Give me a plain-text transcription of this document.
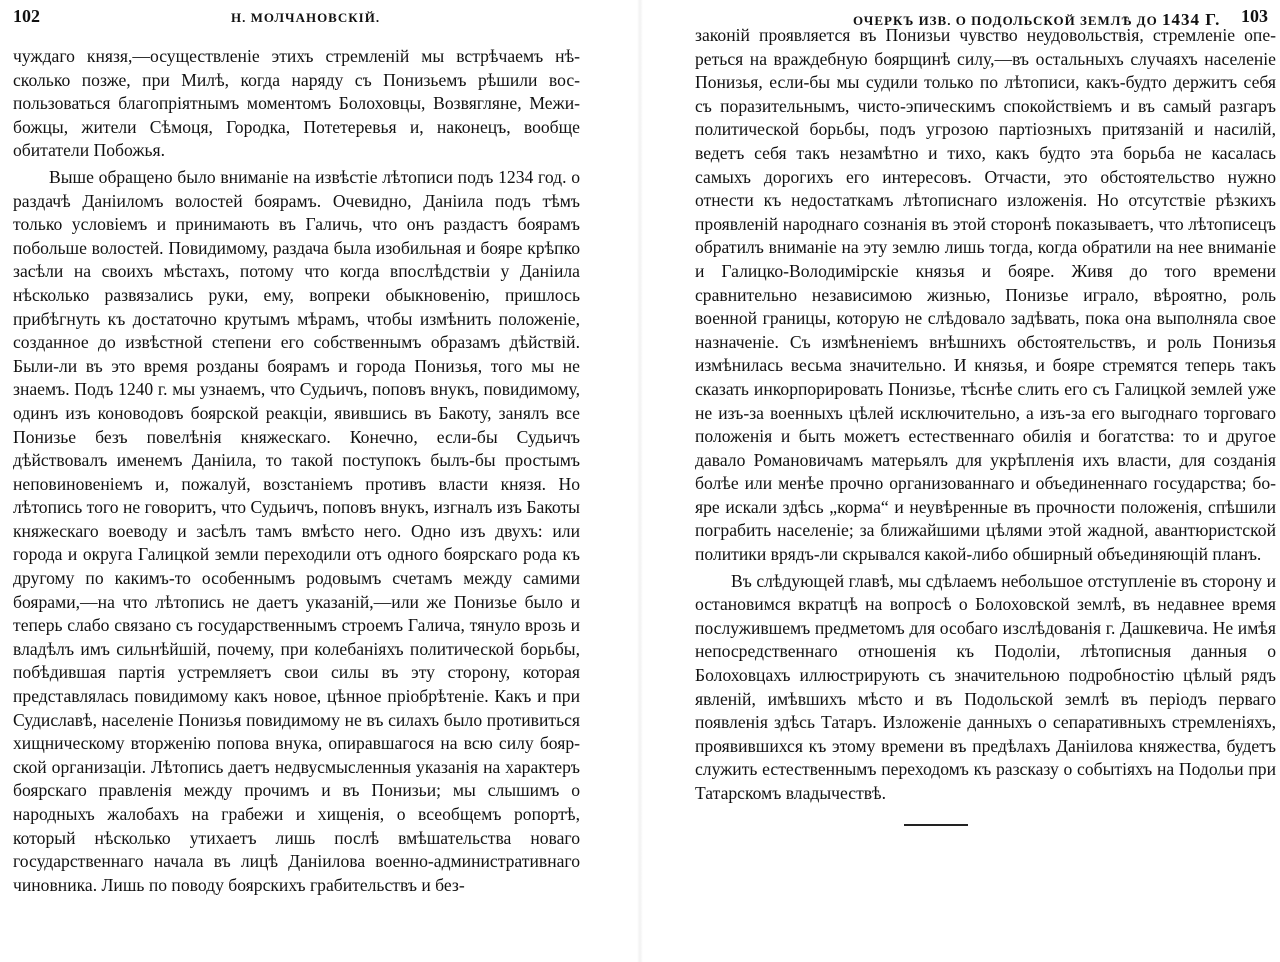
102	Н. МОЛЧАНОВСКІЙ.

чуждаго князя,—осуществленіе этихъ стремленій мы встрѣчаемъ нѣсколько позже, при Милѣ, когда наряду съ Понизьемъ рѣшили воспользоваться благопріятнымъ моментомъ Болоховцы, Возвягляне, Межибожцы, жители Сѣмоця, Городка, Потетеревья и, наконецъ, вообще обитатели Побожья.

Выше обращено было вниманіе на извѣстіе лѣтописи подъ 1234 год. о раздачѣ Даніиломъ волостей боярамъ. Очевидно, Даніила подъ тѣмъ только условіемъ и принимають въ Галичь, что онъ раздастъ боярамъ побольше волостей. Повидимому, раздача была изобильная и бояре крѣпко засѣли на своихъ мѣстахъ, потому что когда впослѣдствіи у Даніила нѣсколько развязались руки, ему, вопреки обыкновенію, пришлось прибѣгнуть къ достаточно крутымъ мѣрамъ, чтобы измѣнить положеніе, созданное до извѣстной степени его собственнымъ образамъ дѣйствій. Были-ли въ это время розданы боярамъ и города Понизья, того мы не знаемъ. Подъ 1240 г. мы узнаемъ, что Судьичъ, поповъ внукъ, повидимому, одинъ изъ коноводовъ боярской реакціи, явившись въ Бакоту, занялъ все Понизье безъ повелѣнія княжескаго. Конечно, если-бы Судьичъ дѣйствовалъ именемъ Даніила, то такой поступокъ былъ-бы простымъ неповиновеніемъ и, пожалуй, возстаніемъ противъ власти князя. Но лѣтопись того не говоритъ, что Судьичъ, поповъ внукъ, изгналъ изъ Бакоты княжескаго воеводу и засѣлъ тамъ вмѣсто него. Одно изъ двухъ: или города и округа Галицкой земли переходили отъ одного боярскаго рода къ другому по какимъ-то особеннымъ родовымъ счетамъ между самими боярами,—на что лѣтопись не даетъ указаній,—или же Понизье было и теперь слабо связано съ государственнымъ строемъ Галича, тянуло врозь и владѣлъ имъ сильнѣйшій, почему, при колебаніяхъ политической борьбы, побѣдившая партія устремляетъ свои силы въ эту сторону, которая представлялась повидимому какъ новое, цѣнное пріобрѣтеніе. Какъ и при Судиславѣ, населеніе Понизья повидимому не въ силахъ было противиться хищническому вторженію попова внука, опиравшагося на всю силу боярской организаціи. Лѣтопись даетъ недвусмысленныя указанія на характеръ боярскаго правленія между прочимъ и въ Понизьи; мы слышимъ о народныхъ жалобахъ на грабежи и хищенія, о всеобщемъ ропортѣ, который нѣсколько утихаетъ лишь послѣ вмѣшательства новаго государственнаго начала въ лицѣ Даніилова военно-административнаго чиновника. Лишь по поводу боярскихъ грабительствъ и без-

ОЧЕРКЪ ИЗВ. О ПОДОЛЬСКОЙ ЗЕМЛѢ ДО 1434 Г. 103

законій проявляется въ Понизьи чувство неудовольствія, стремленіе опереться на враждебную боярщинѣ силу,—въ остальныхъ случаяхъ населеніе Понизья, если-бы мы судили только по лѣтописи, какъ-будто держитъ себя съ поразительнымъ, чисто-эпическимъ спокойствіемъ и въ самый разгаръ политической борьбы, подъ угрозою партіозныхъ притязаній и насилій, ведетъ себя такъ незамѣтно и тихо, какъ будто эта борьба не касалась самыхъ дорогихъ его интересовъ. Отчасти, это обстоятельство нужно отнести къ недостаткамъ лѣтописнаго изложенія. Но отсутствіе рѣзкихъ проявленій народнаго сознанія въ этой сторонѣ показываетъ, что лѣтописецъ обратилъ вниманіе на эту землю лишь тогда, когда обратили на нее вниманіе и Галицко-Володимірскіе князья и бояре. Живя до того времени сравнительно независимою жизнью, Понизье играло, вѣроятно, роль военной границы, которую не слѣдовало задѣвать, пока она выполняла свое назначеніе. Съ измѣненіемъ внѣшнихъ обстоятельствъ, и роль Понизья измѣнилась весьма значительно. И князья, и бояре стремятся теперь такъ сказать инкорпорировать Понизье, тѣснѣе слить его съ Галицкой землей уже не изъ-за военныхъ цѣлей исключительно, а изъ-за его выгоднаго торговаго положенія и быть можетъ естественнаго обилія и богатства: то и другое давало Романовичамъ матерьялъ для укрѣпленія ихъ власти, для созданія болѣе или менѣе прочно организованнаго и объединеннаго государства; бояре искали здѣсь „корма“ и неувѣренные въ прочности положенія, спѣшили пограбить населеніе; за ближайшими цѣлями этой жадной, авантюристской политики врядъ-ли скрывался какой-либо обширный объединяющій планъ.

Въ слѣдующей главѣ, мы сдѣлаемъ небольшое отступленіе въ сторону и остановимся вкратцѣ на вопросѣ о Болоховской землѣ, въ недавнее время послужившемъ предметомъ для особаго изслѣдованія г. Дашкевича. Не имѣя непосредственнаго отношенія къ Подоліи, лѣтописныя данныя о Болоховцахъ иллюстрирують съ значительною подробностію цѣлый рядъ явленій, имѣвшихъ мѣсто и въ Подольской землѣ въ періодъ перваго появленія здѣсь Татаръ. Изложеніе данныхъ о сепаративныхъ стремленіяхъ, проявившихся къ этому времени въ предѣлахъ Даніилова княжества, будетъ служить естественнымъ переходомъ къ разсказу о событіяхъ на Подольи при Татарскомъ владычествѣ.
